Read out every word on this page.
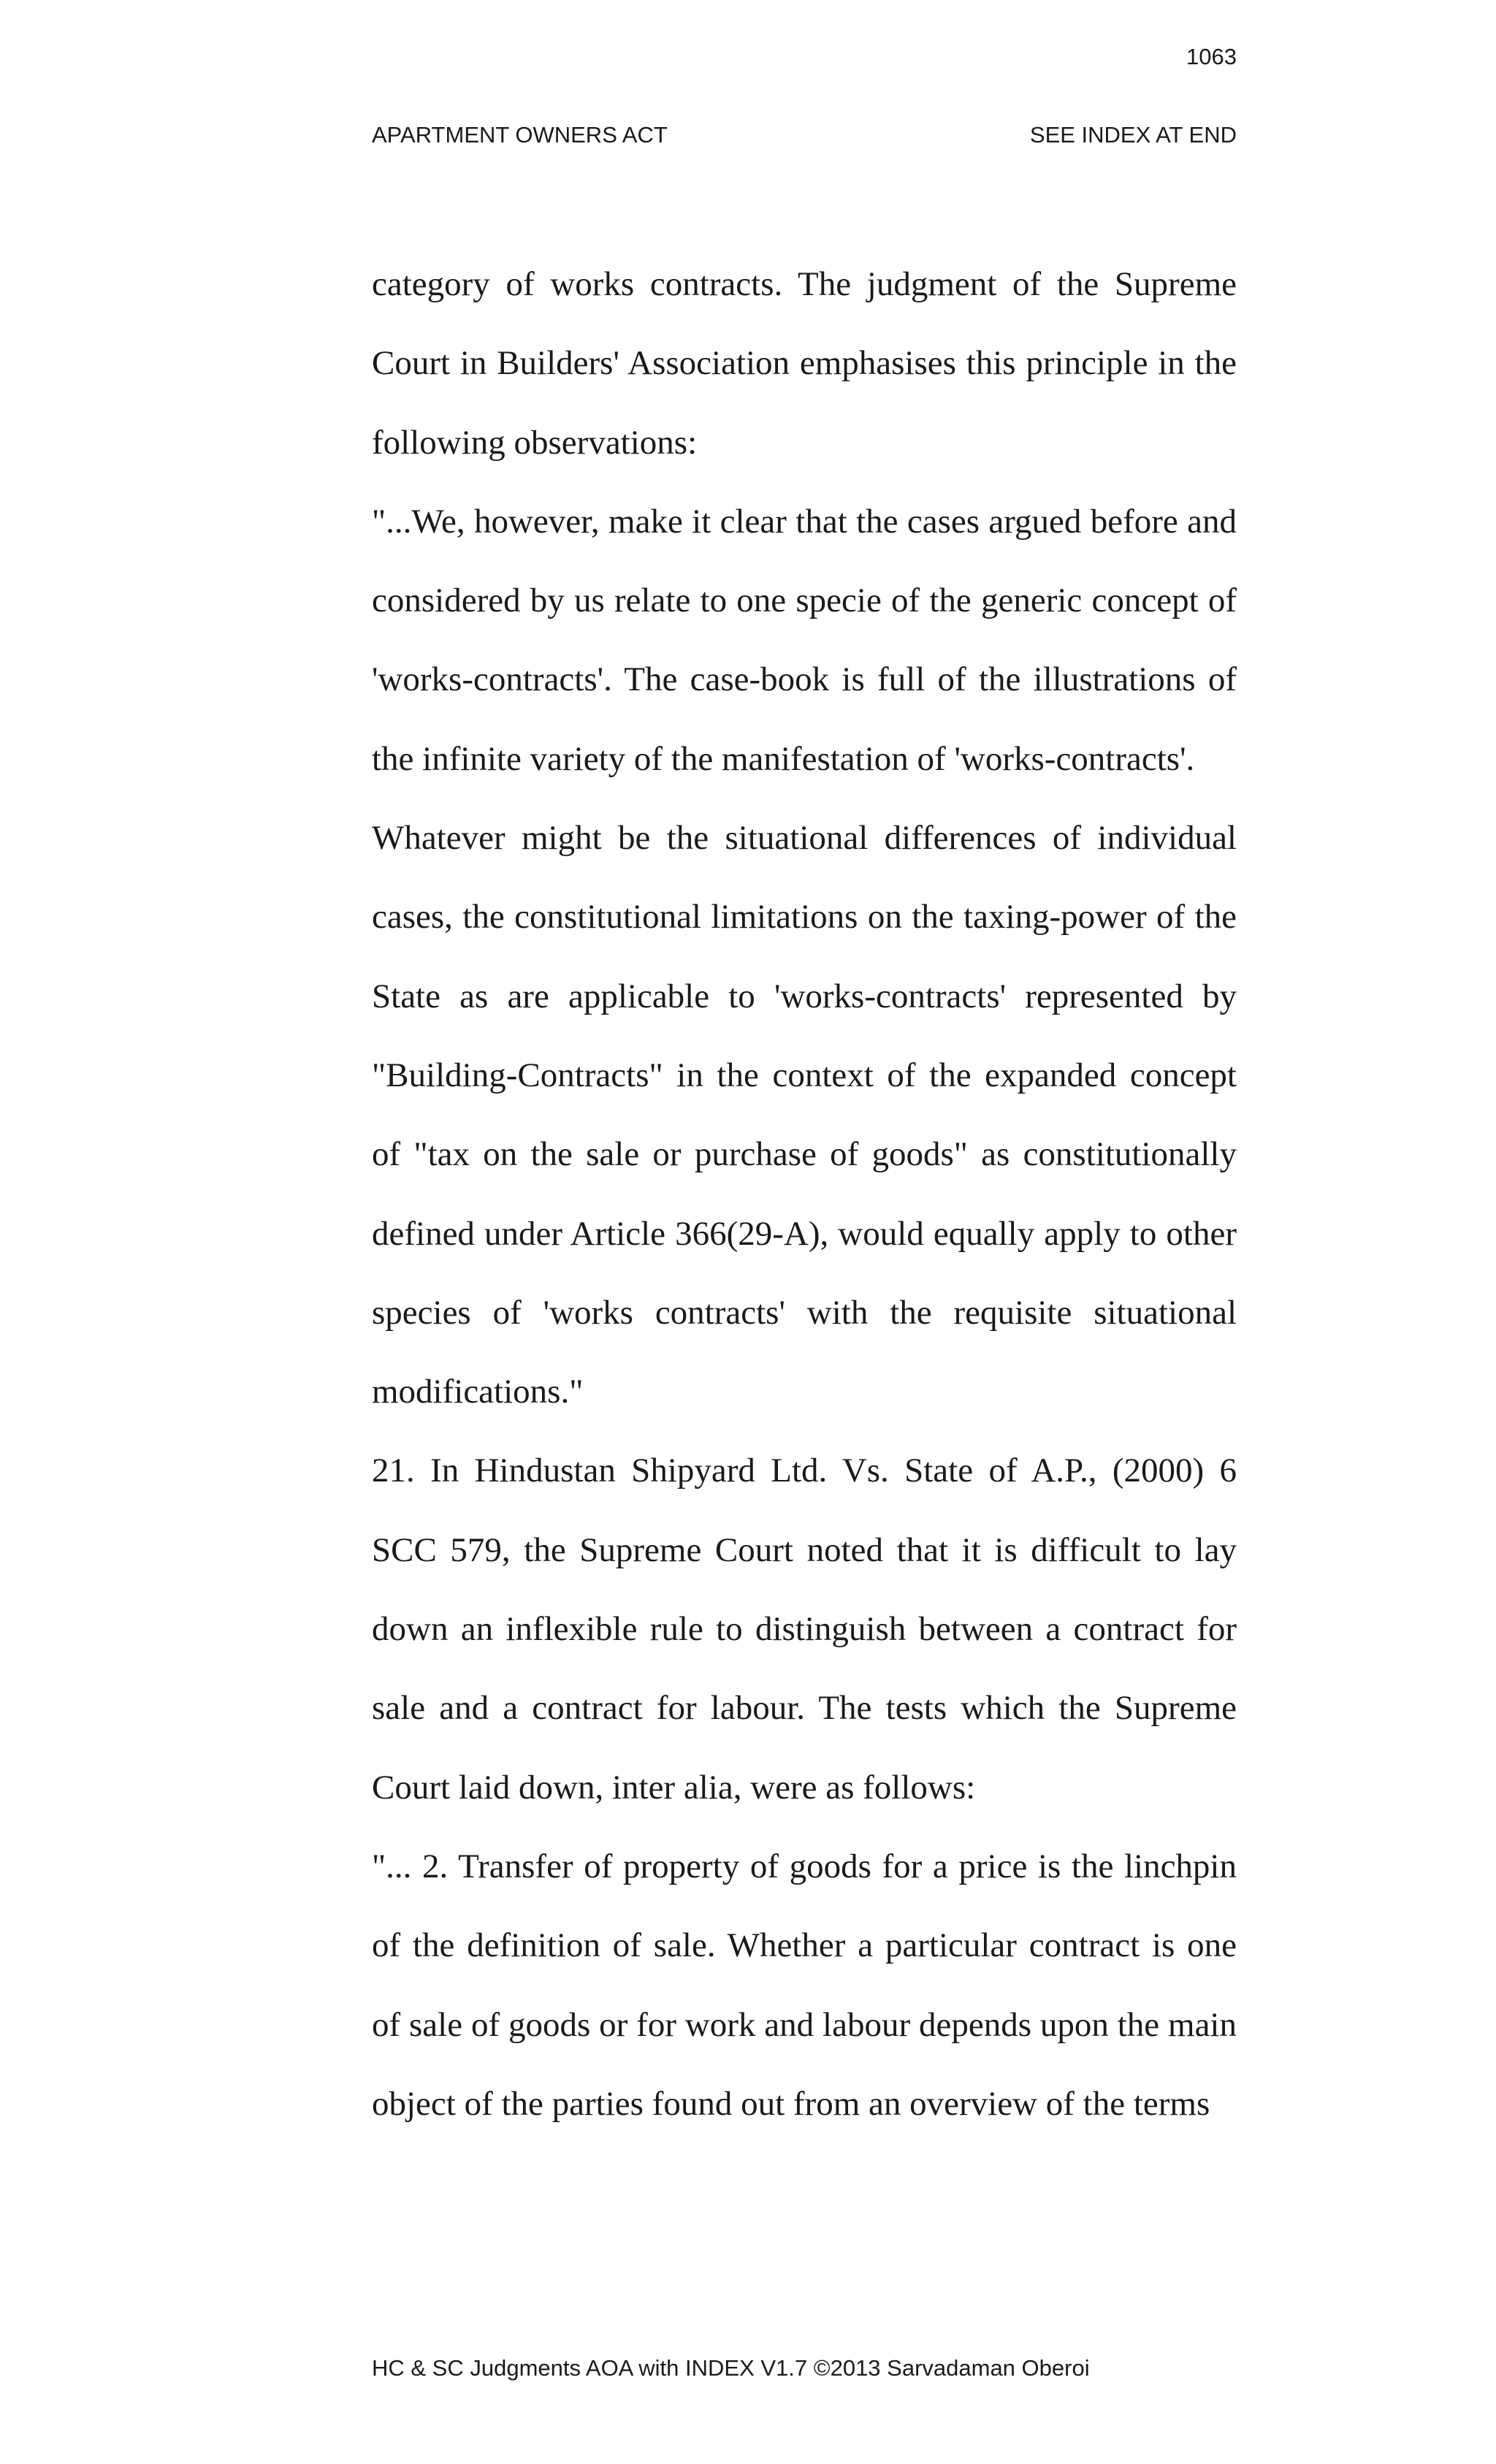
1063
APARTMENT OWNERS ACT	SEE INDEX AT END

category of works contracts. The judgment of the Supreme Court in Builders' Association emphasises this principle in the following observations:

"...We, however, make it clear that the cases argued before and considered by us relate to one specie of the generic concept of 'works-contracts'. The case-book is full of the illustrations of the infinite variety of the manifestation of 'works-contracts'.

Whatever might be the situational differences of individual cases, the constitutional limitations on the taxing-power of the State as are applicable to 'works-contracts' represented by "Building-Contracts" in the context of the expanded concept of "tax on the sale or purchase of goods" as constitutionally defined under Article 366(29-A), would equally apply to other species of 'works contracts' with the requisite situational modifications."

21. In Hindustan Shipyard Ltd. Vs. State of A.P., (2000) 6 SCC 579, the Supreme Court noted that it is difficult to lay down an inflexible rule to distinguish between a contract for sale and a contract for labour. The tests which the Supreme Court laid down, inter alia, were as follows:

"... 2. Transfer of property of goods for a price is the linchpin of the definition of sale. Whether a particular contract is one of sale of goods or for work and labour depends upon the main object of the parties found out from an overview of the terms

HC & SC Judgments AOA with INDEX V1.7 ©2013 Sarvadaman Oberoi
